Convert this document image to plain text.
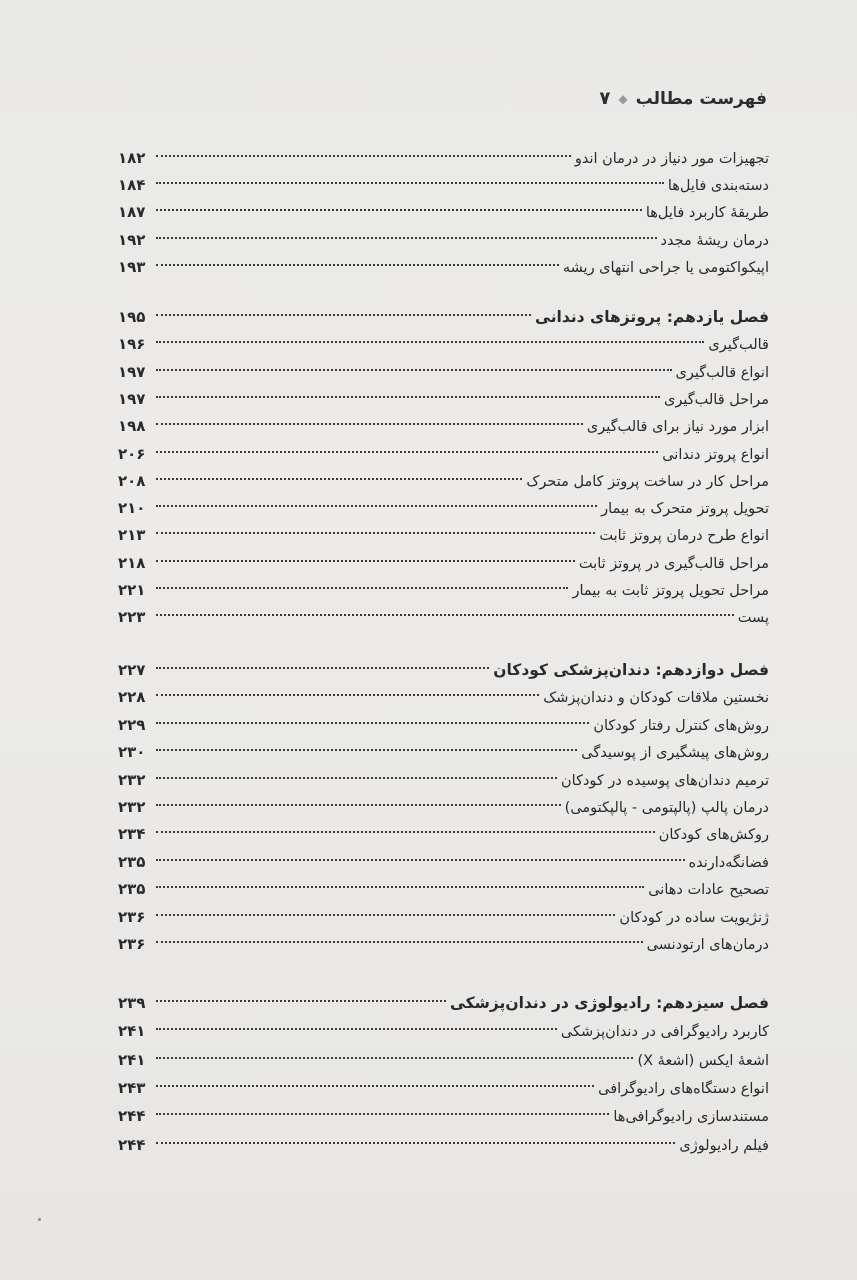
فهرست مطالب
◆
۷
تجهیزات مور دنیاز در درمان اندو
۱۸۲
دسته‌بندی فایل‌ها
۱۸۴
طریقهٔ کاربرد فایل‌ها
۱۸۷
درمان ریشهٔ مجدد
۱۹۲
اپیکواکتومی یا جراحی انتهای ریشه
۱۹۳
فصل یازدهم: پروتزهای دندانی
۱۹۵
قالب‌گیری
۱۹۶
انواع قالب‌گیری
۱۹۷
مراحل قالب‌گیری
۱۹۷
ابزار مورد نیاز برای قالب‌گیری
۱۹۸
انواع پروتز دندانی
۲۰۶
مراحل کار در ساخت پروتز کامل متحرک
۲۰۸
تحویل پروتز متحرک به بیمار
۲۱۰
انواع طرح درمان پروتز ثابت
۲۱۳
مراحل قالب‌گیری در پروتز ثابت
۲۱۸
مراحل تحویل پروتز ثابت به بیمار
۲۲۱
پست
۲۲۳
فصل دوازدهم: دندان‌پزشکی کودکان
۲۲۷
نخستین ملاقات کودکان و دندان‌پزشک
۲۲۸
روش‌های کنترل رفتار کودکان
۲۲۹
روش‌های پیشگیری از پوسیدگی
۲۳۰
ترمیم دندان‌های پوسیده در کودکان
۲۳۲
درمان پالپ (پالپتومی - پالپکتومی)
۲۳۲
روکش‌های کودکان
۲۳۴
فضانگه‌دارنده
۲۳۵
تصحیح عادات دهانی
۲۳۵
ژنژیویت ساده در کودکان
۲۳۶
درمان‌های ارتودنسی
۲۳۶
فصل سیزدهم: رادیولوژی در دندان‌پزشکی
۲۳۹
کاربرد رادیوگرافی در دندان‌پزشکی
۲۴۱
اشعهٔ ایکس (اشعهٔ X)
۲۴۱
انواع دستگاه‌های رادیوگرافی
۲۴۳
مستندسازی رادیوگرافی‌ها
۲۴۴
فیلم رادیولوژی
۲۴۴
